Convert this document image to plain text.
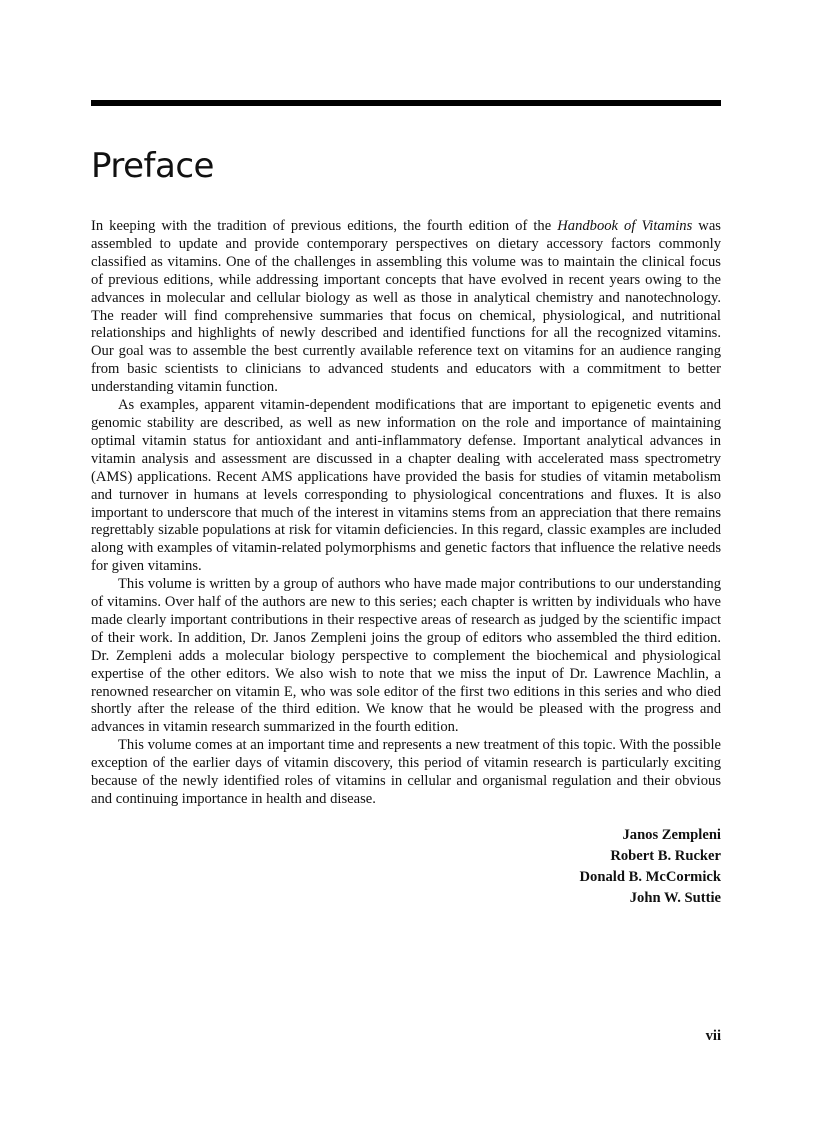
Preface

In keeping with the tradition of previous editions, the fourth edition of the Handbook of Vitamins was assembled to update and provide contemporary perspectives on dietary accessory factors commonly classified as vitamins. One of the challenges in assembling this volume was to maintain the clinical focus of previous editions, while addressing important concepts that have evolved in recent years owing to the advances in molecular and cellular biology as well as those in analytical chemistry and nanotechnology. The reader will find comprehensive summaries that focus on chemical, physiological, and nutritional relationships and highlights of newly described and identified functions for all the recognized vitamins. Our goal was to assemble the best currently available reference text on vitamins for an audience ranging from basic scientists to clinicians to advanced students and educators with a commitment to better understanding vitamin function.

As examples, apparent vitamin-dependent modifications that are important to epigenetic events and genomic stability are described, as well as new information on the role and importance of maintaining optimal vitamin status for antioxidant and anti-inflammatory defense. Important analytical advances in vitamin analysis and assessment are discussed in a chapter dealing with accelerated mass spectrometry (AMS) applications. Recent AMS applications have provided the basis for studies of vitamin metabolism and turnover in humans at levels corresponding to physiological concentrations and fluxes. It is also important to underscore that much of the interest in vitamins stems from an appreciation that there remains regrettably sizable populations at risk for vitamin deficiencies. In this regard, classic examples are included along with examples of vitamin-related polymorphisms and genetic factors that influence the relative needs for given vitamins.

This volume is written by a group of authors who have made major contributions to our understanding of vitamins. Over half of the authors are new to this series; each chapter is written by individuals who have made clearly important contributions in their respective areas of research as judged by the scientific impact of their work. In addition, Dr. Janos Zempleni joins the group of editors who assembled the third edition. Dr. Zempleni adds a molecular biology perspective to complement the biochemical and physiological expertise of the other editors. We also wish to note that we miss the input of Dr. Lawrence Machlin, a renowned researcher on vitamin E, who was sole editor of the first two editions in this series and who died shortly after the release of the third edition. We know that he would be pleased with the progress and advances in vitamin research summarized in the fourth edition.

This volume comes at an important time and represents a new treatment of this topic. With the possible exception of the earlier days of vitamin discovery, this period of vitamin research is particularly exciting because of the newly identified roles of vitamins in cellular and organismal regulation and their obvious and continuing importance in health and disease.

Janos Zempleni
Robert B. Rucker
Donald B. McCormick
John W. Suttie
vii
